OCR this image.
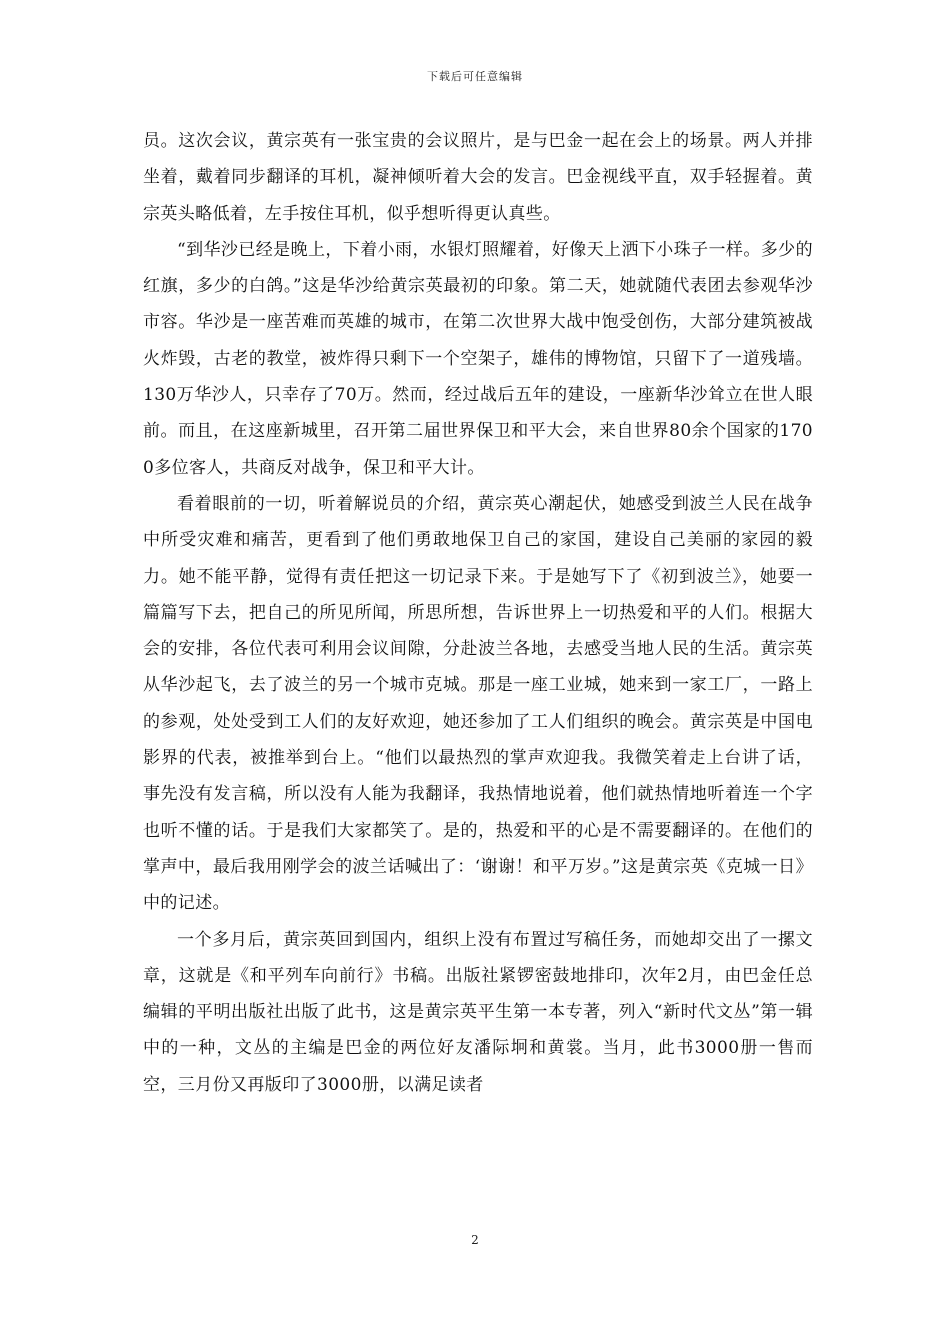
下载后可任意编辑

员。这次会议，黄宗英有一张宝贵的会议照片，是与巴金一起在会上的场景。两人并排坐着，戴着同步翻译的耳机，凝神倾听着大会的发言。巴金视线平直，双手轻握着。黄宗英头略低着，左手按住耳机，似乎想听得更认真些。

“到华沙已经是晚上，下着小雨，水银灯照耀着，好像天上洒下小珠子一样。多少的红旗，多少的白鸽。”这是华沙给黄宗英最初的印象。第二天，她就随代表团去参观华沙市容。华沙是一座苦难而英雄的城市，在第二次世界大战中饱受创伤，大部分建筑被战火炸毁，古老的教堂，被炸得只剩下一个空架子，雄伟的博物馆，只留下了一道残墙。130万华沙人，只幸存了70万。然而，经过战后五年的建设，一座新华沙耸立在世人眼前。而且，在这座新城里，召开第二届世界保卫和平大会，来自世界80余个国家的1700多位客人，共商反对战争，保卫和平大计。

看着眼前的一切，听着解说员的介绍，黄宗英心潮起伏，她感受到波兰人民在战争中所受灾难和痛苦，更看到了他们勇敢地保卫自己的家国，建设自己美丽的家园的毅力。她不能平静，觉得有责任把这一切记录下来。于是她写下了《初到波兰》，她要一篇篇写下去，把自己的所见所闻，所思所想，告诉世界上一切热爱和平的人们。根据大会的安排，各位代表可利用会议间隙，分赴波兰各地，去感受当地人民的生活。黄宗英从华沙起飞，去了波兰的另一个城市克城。那是一座工业城，她来到一家工厂，一路上的参观，处处受到工人们的友好欢迎，她还参加了工人们组织的晚会。黄宗英是中国电影界的代表，被推举到台上。“他们以最热烈的掌声欢迎我。我微笑着走上台讲了话，事先没有发言稿，所以没有人能为我翻译，我热情地说着，他们就热情地听着连一个字也听不懂的话。于是我们大家都笑了。是的，热爱和平的心是不需要翻译的。在他们的掌声中，最后我用刚学会的波兰话喊出了：‘谢谢！和平万岁。”这是黄宗英《克城一日》中的记述。

一个多月后，黄宗英回到国内，组织上没有布置过写稿任务，而她却交出了一摞文章，这就是《和平列车向前行》书稿。出版社紧锣密鼓地排印，次年2月，由巴金任总编辑的平明出版社出版了此书，这是黄宗英平生第一本专著，列入“新时代文丛”第一辑中的一种，文丛的主编是巴金的两位好友潘际坰和黄裳。当月，此书3000册一售而空，三月份又再版印了3000册，以满足读者

2
